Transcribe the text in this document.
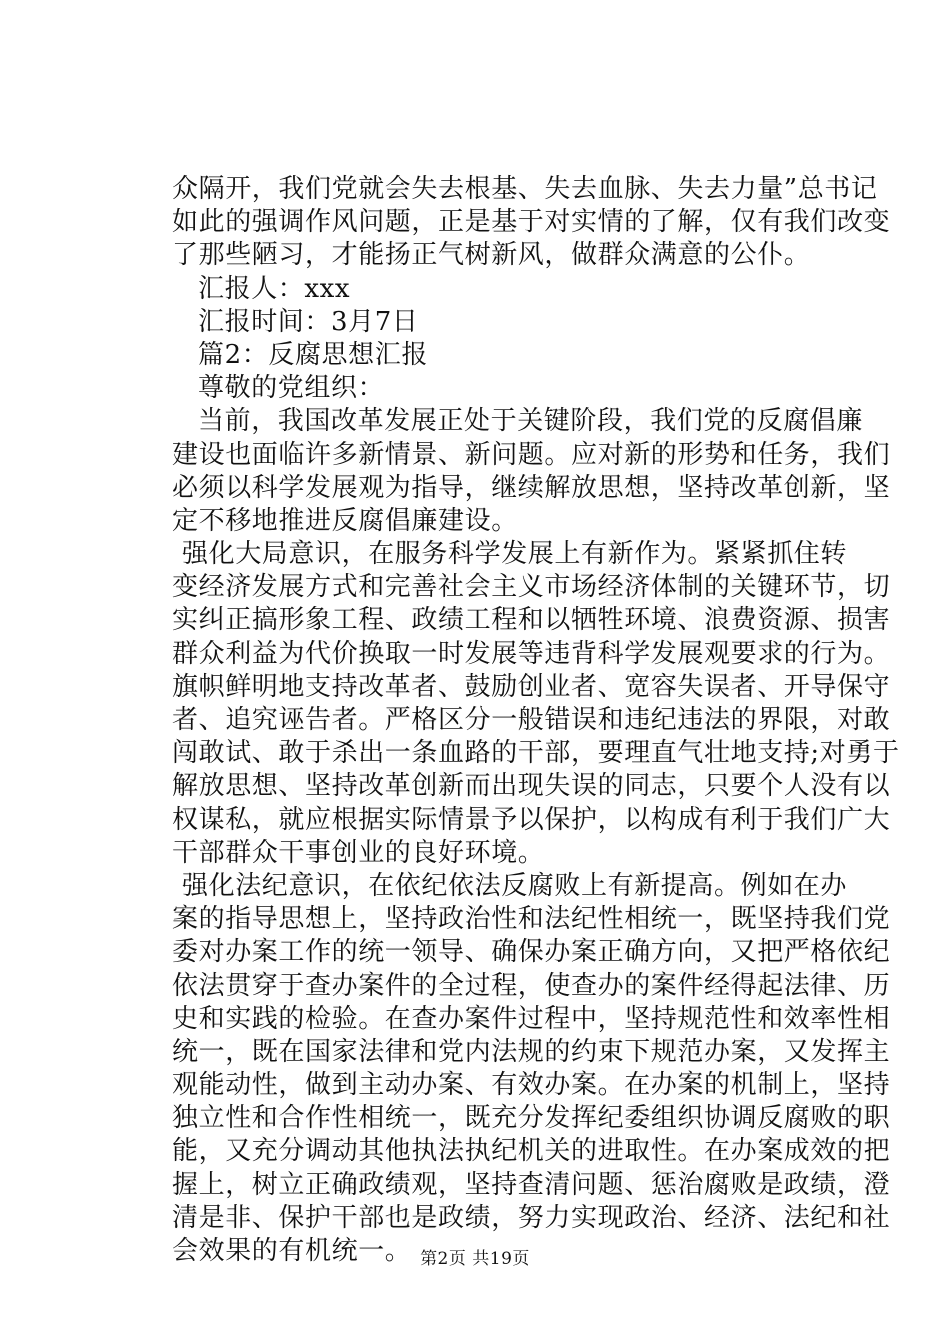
众隔开，我们党就会失去根基、失去血脉、失去力量”总书记

如此的强调作风问题，正是基于对实情的了解，仅有我们改变

了那些陋习，才能扬正气树新风，做群众满意的公仆。

汇报人：xxx

汇报时间：3月7日

篇2：反腐思想汇报

尊敬的党组织：

当前，我国改革发展正处于关键阶段，我们党的反腐倡廉

建设也面临许多新情景、新问题。应对新的形势和任务，我们

必须以科学发展观为指导，继续解放思想，坚持改革创新，坚

定不移地推进反腐倡廉建设。

强化大局意识，在服务科学发展上有新作为。紧紧抓住转

变经济发展方式和完善社会主义市场经济体制的关键环节，切

实纠正搞形象工程、政绩工程和以牺牲环境、浪费资源、损害

群众利益为代价换取一时发展等违背科学发展观要求的行为。

旗帜鲜明地支持改革者、鼓励创业者、宽容失误者、开导保守

者、追究诬告者。严格区分一般错误和违纪违法的界限，对敢

闯敢试、敢于杀出一条血路的干部，要理直气壮地支持;对勇于

解放思想、坚持改革创新而出现失误的同志，只要个人没有以

权谋私，就应根据实际情景予以保护，以构成有利于我们广大

干部群众干事创业的良好环境。

强化法纪意识，在依纪依法反腐败上有新提高。例如在办

案的指导思想上，坚持政治性和法纪性相统一，既坚持我们党

委对办案工作的统一领导、确保办案正确方向，又把严格依纪

依法贯穿于查办案件的全过程，使查办的案件经得起法律、历

史和实践的检验。在查办案件过程中，坚持规范性和效率性相

统一，既在国家法律和党内法规的约束下规范办案，又发挥主

观能动性，做到主动办案、有效办案。在办案的机制上，坚持

独立性和合作性相统一，既充分发挥纪委组织协调反腐败的职

能，又充分调动其他执法执纪机关的进取性。在办案成效的把

握上，树立正确政绩观，坚持查清问题、惩治腐败是政绩，澄

清是非、保护干部也是政绩，努力实现政治、经济、法纪和社

会效果的有机统一。 第2页 共19页
